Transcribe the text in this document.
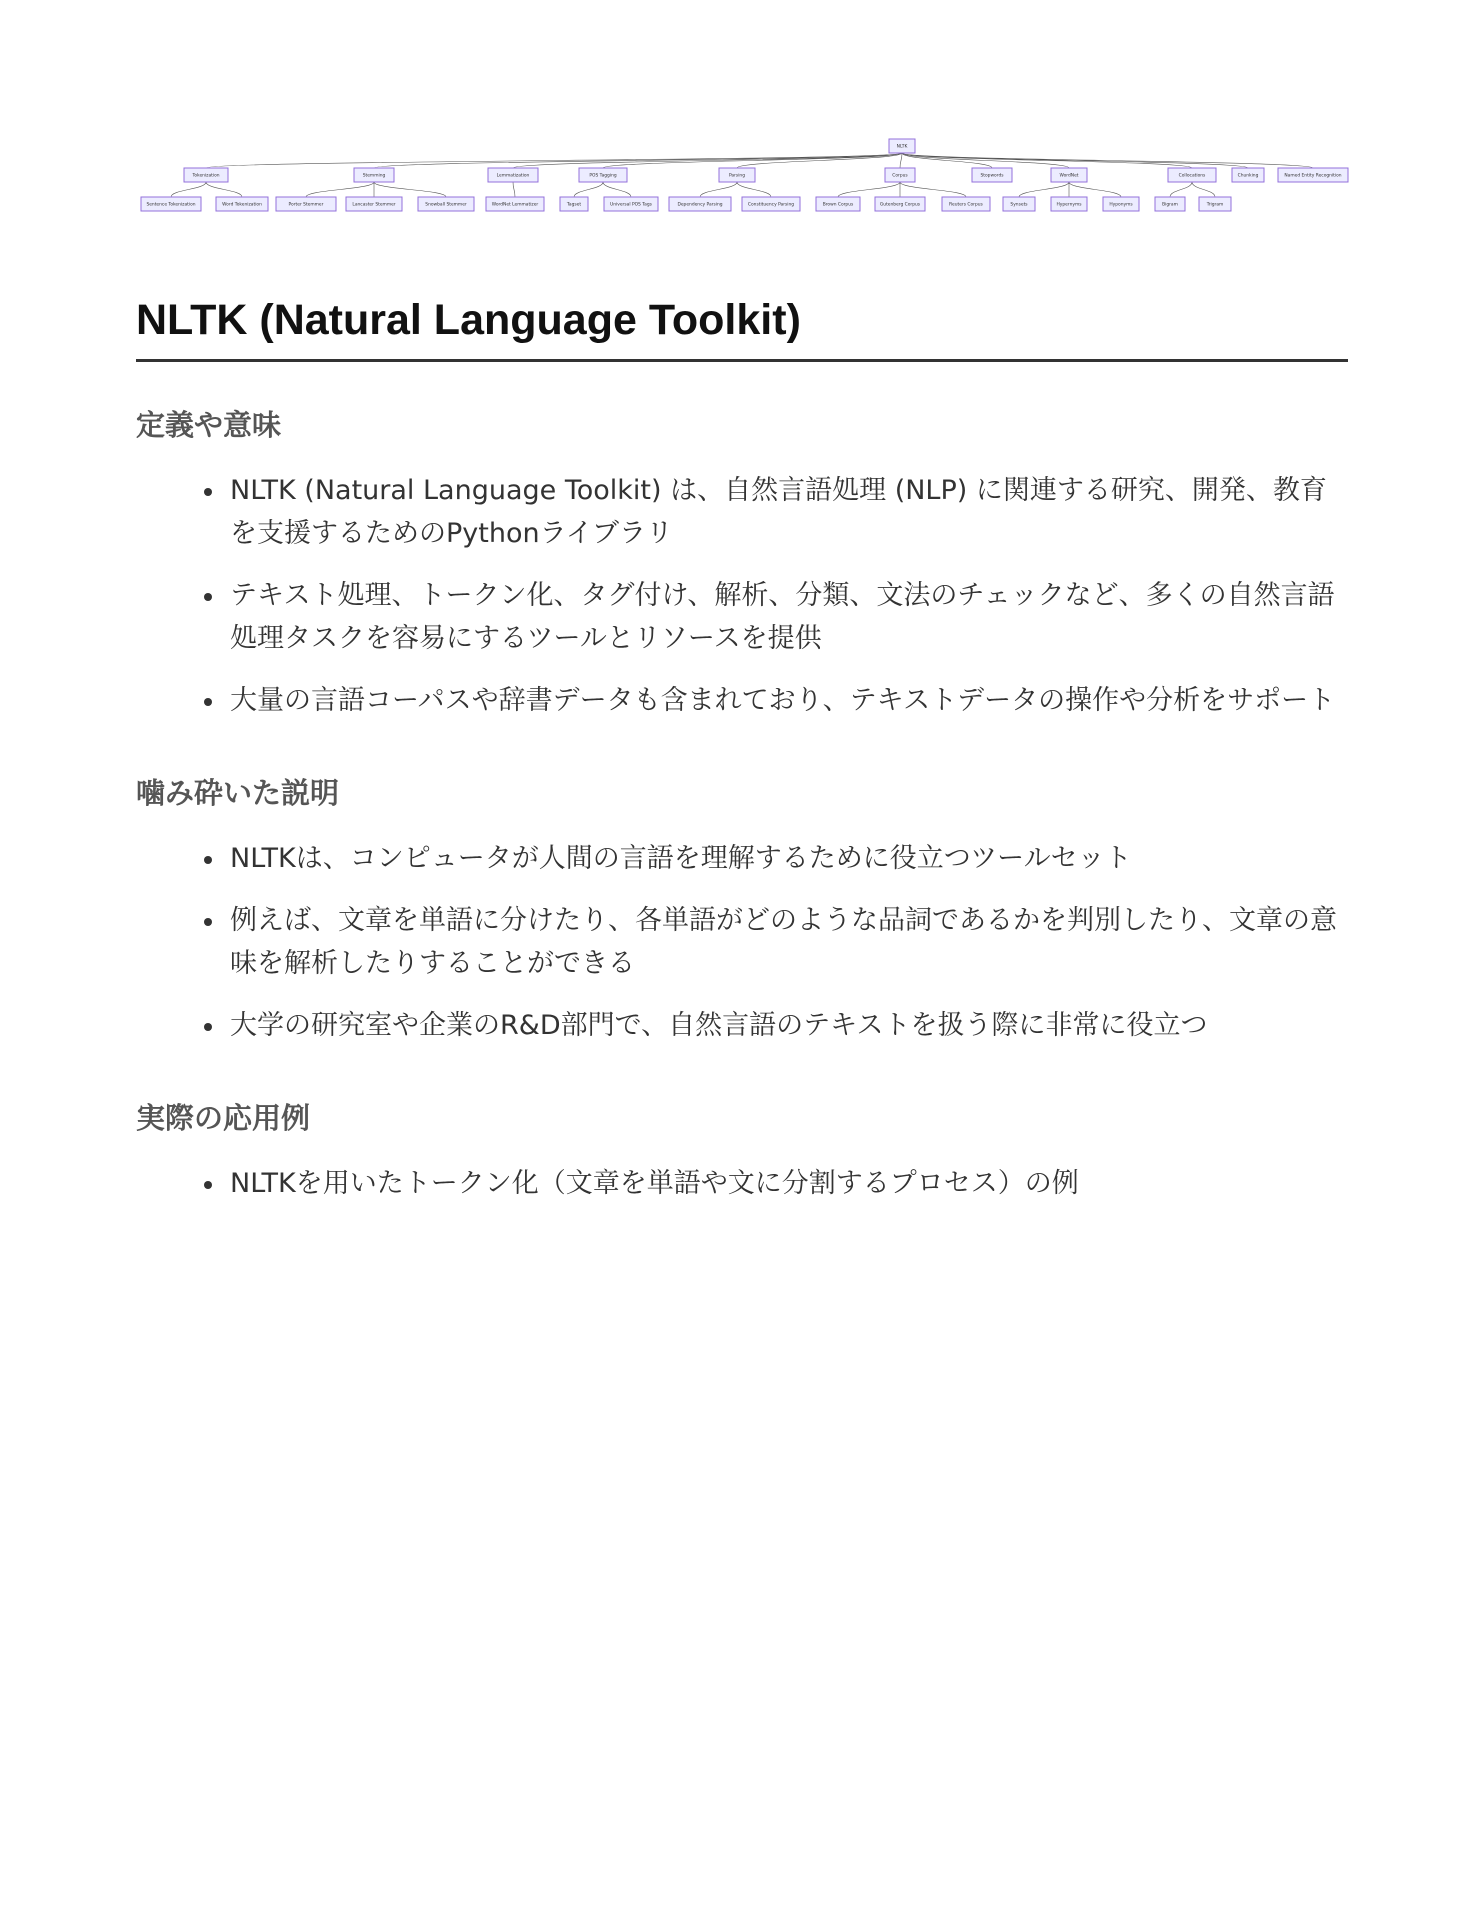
NLTK
Tokenization
Sentence Tokenization	Word Tokenization
Stemming
Porter Stemmer	Lancaster Stemmer	Snowball Stemmer
Lemmatization
WordNet Lemmatizer
POS Tagging
Tagset	Universal POS Tags
Parsing
Dependency Parsing	Constituency Parsing
Corpus
Brown Corpus	Gutenberg Corpus	Reuters Corpus
Stopwords	WordNet
Synsets	Hypernyms	Hyponyms
Collocations
Bigram	Trigram
Chunking	Named Entity Recognition
NLTK (Natural Language Toolkit)
定義や意味
NLTK (Natural Language Toolkit) は、自然言語処理 (NLP) に関連する研究、開発、教育を支援するためのPythonライブラリ
テキスト処理、トークン化、タグ付け、解析、分類、文法のチェックなど、多くの自然言語処理タスクを容易にするツールとリソースを提供
大量の言語コーパスや辞書データも含まれており、テキストデータの操作や分析をサポート
噛み砕いた説明
NLTKは、コンピュータが人間の言語を理解するために役立つツールセット
例えば、文章を単語に分けたり、各単語がどのような品詞であるかを判別したり、文章の意味を解析したりすることができる
大学の研究室や企業のR&D部門で、自然言語のテキストを扱う際に非常に役立つ
実際の応用例
NLTKを用いたトークン化（文章を単語や文に分割するプロセス）の例
